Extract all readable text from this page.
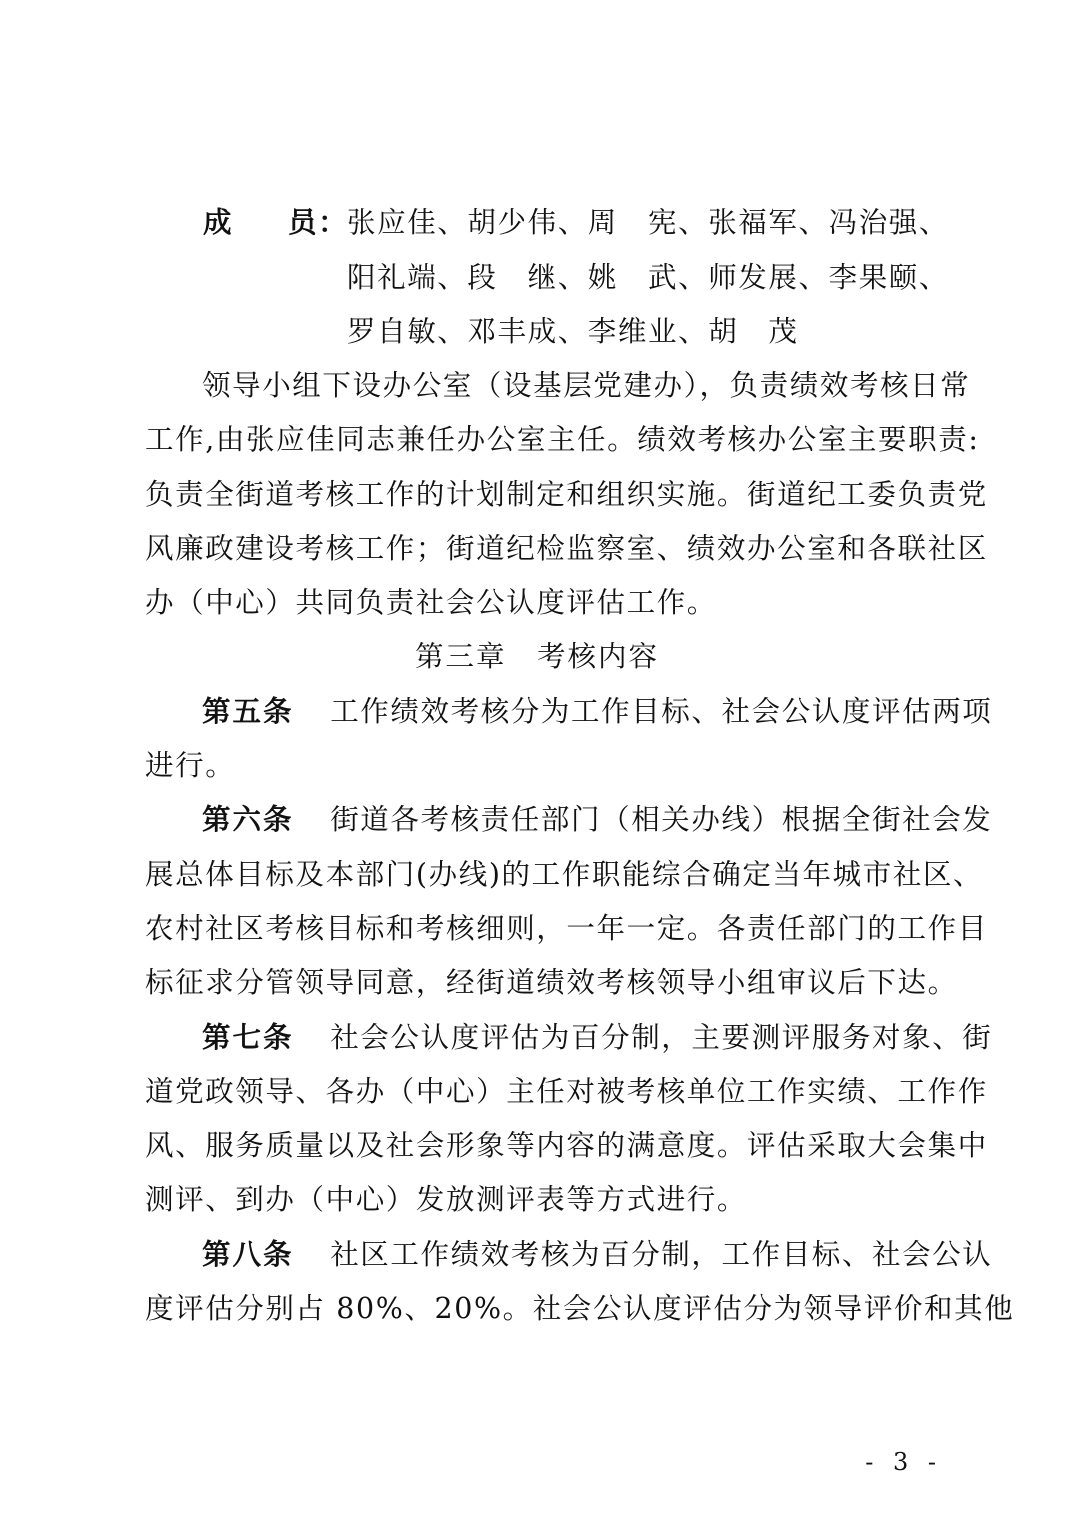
成 员：
张应佳、胡少伟、周　宪、张福军、冯治强、
阳礼端、段　继、姚　武、师发展、李果颐、
罗自敏、邓丰成、李维业、胡　茂
领导小组下设办公室（设基层党建办），负责绩效考核日常
工作,由张应佳同志兼任办公室主任。绩效考核办公室主要职责:
负责全街道考核工作的计划制定和组织实施。街道纪工委负责党
风廉政建设考核工作；街道纪检监察室、绩效办公室和各联社区
办（中心）共同负责社会公认度评估工作。
第三章　考核内容
第五条 工作绩效考核分为工作目标、社会公认度评估两项
进行。
第六条 街道各考核责任部门（相关办线）根据全街社会发
展总体目标及本部门(办线)的工作职能综合确定当年城市社区、
农村社区考核目标和考核细则，一年一定。各责任部门的工作目
标征求分管领导同意，经街道绩效考核领导小组审议后下达。
第七条 社会公认度评估为百分制，主要测评服务对象、街
道党政领导、各办（中心）主任对被考核单位工作实绩、工作作
风、服务质量以及社会形象等内容的满意度。评估采取大会集中
测评、到办（中心）发放测评表等方式进行。
第八条 社区工作绩效考核为百分制，工作目标、社会公认
度评估分别占 80%、20%。社会公认度评估分为领导评价和其他
- 3 -
